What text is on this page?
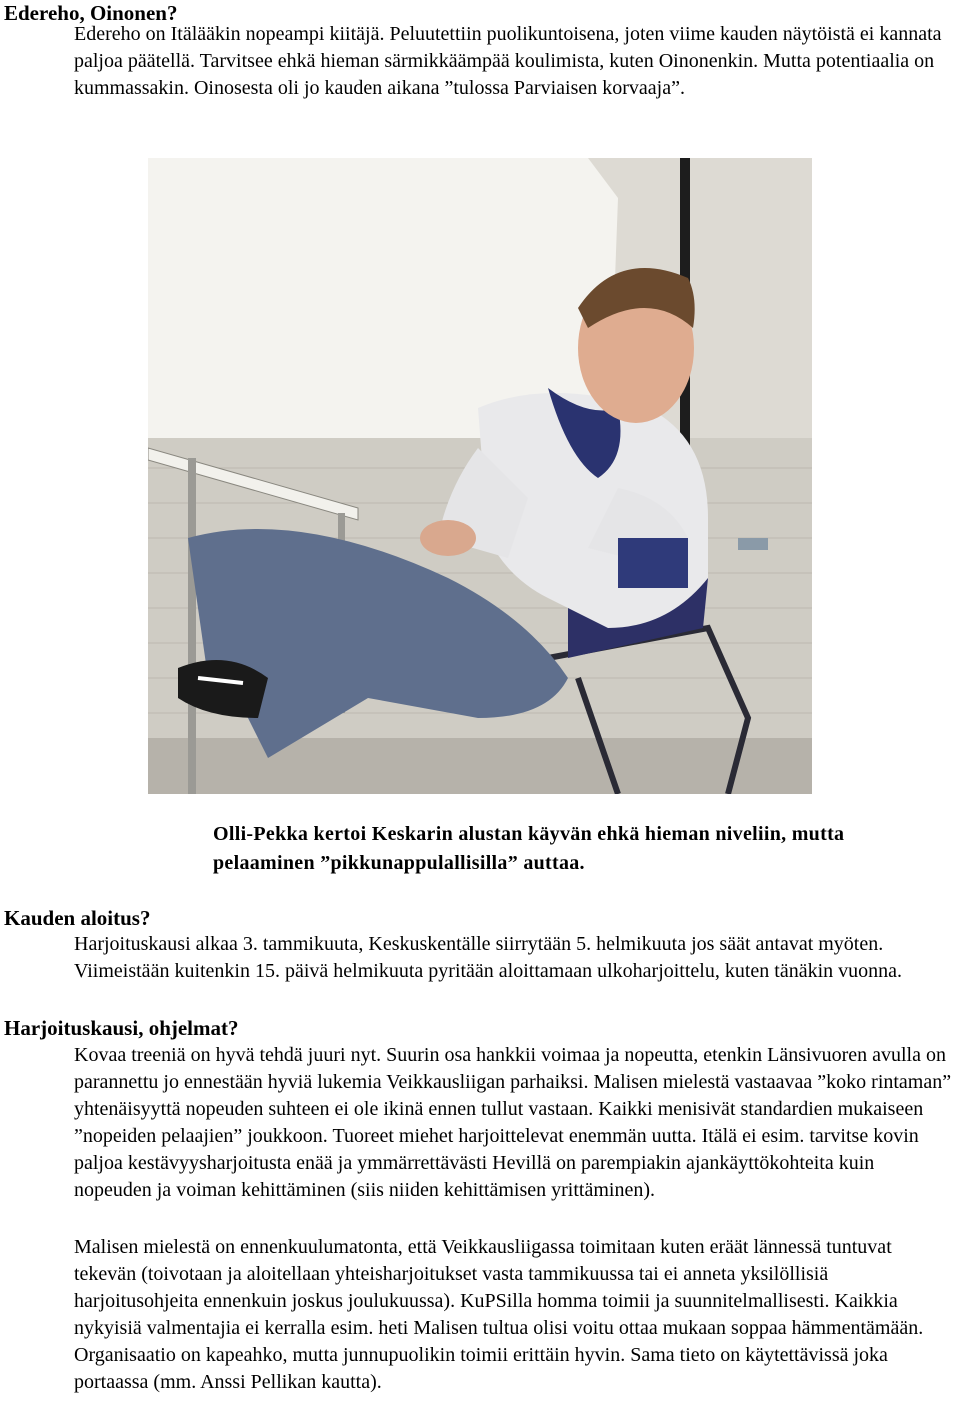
Edereho, Oinonen?

Edereho on Itälääkin nopeampi kiitäjä. Peluutettiin puolikuntoisena, joten viime kauden näytöistä ei kannata paljoa päätellä. Tarvitsee ehkä hieman särmikkäämpää koulimista, kuten Oinonenkin. Mutta potentiaalia on kummassakin. Oinosesta oli jo kauden aikana ”tulossa Parviaisen korvaaja”.

Olli-Pekka kertoi Keskarin alustan käyvän ehkä hieman niveliin, mutta pelaaminen ”pikkunappulallisilla” auttaa.

Kauden aloitus?

Harjoituskausi alkaa 3. tammikuuta, Keskuskentälle siirrytään 5. helmikuuta jos säät antavat myöten. Viimeistään kuitenkin 15. päivä helmikuuta pyritään aloittamaan ulkoharjoittelu, kuten tänäkin vuonna.

Harjoituskausi, ohjelmat?

Kovaa treeniä on hyvä tehdä juuri nyt. Suurin osa hankkii voimaa ja nopeutta, etenkin Länsivuoren avulla on parannettu jo ennestään hyviä lukemia Veikkausliigan parhaiksi. Malisen mielestä vastaavaa ”koko rintaman” yhtenäisyyttä nopeuden suhteen ei ole ikinä ennen tullut vastaan. Kaikki menisivät standardien mukaiseen ”nopeiden pelaajien” joukkoon. Tuoreet miehet harjoittelevat enemmän uutta. Itälä ei esim. tarvitse kovin paljoa kestävyysharjoitusta enää ja ymmärrettävästi Hevillä on parempiakin ajankäyttökohteita kuin nopeuden ja voiman kehittäminen (siis niiden kehittämisen yrittäminen).

Malisen mielestä on ennenkuulumatonta, että Veikkausliigassa toimitaan kuten eräät lännessä tuntuvat tekevän (toivotaan ja aloitellaan yhteisharjoitukset vasta tammikuussa tai ei anneta yksilöllisiä harjoitusohjeita ennenkuin joskus joulukuussa). KuPSilla homma toimii ja suunnitelmallisesti. Kaikkia nykyisiä valmentajia ei kerralla esim. heti Malisen tultua olisi voitu ottaa mukaan soppaa hämmentämään. Organisaatio on kapeahko, mutta junnupuolikin toimii erittäin hyvin. Sama tieto on käytettävissä joka portaassa (mm. Anssi Pellikan kautta).
